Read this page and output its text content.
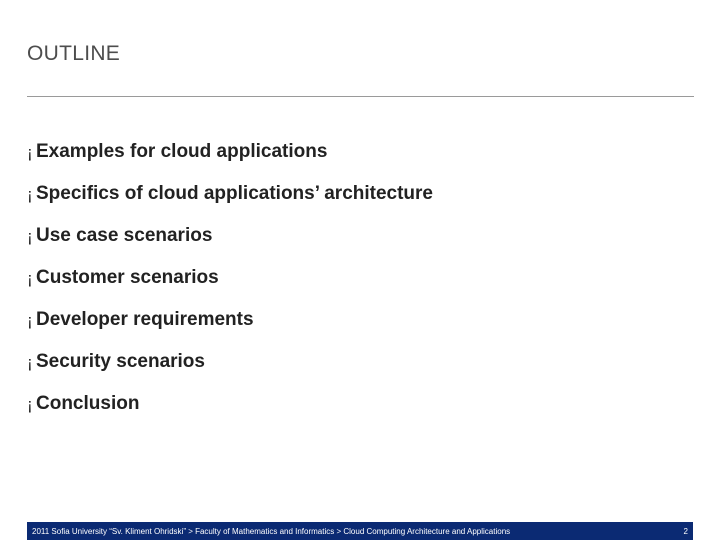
OUTLINE
¡ Examples for cloud applications
¡ Specifics of cloud applications’ architecture
¡ Use case scenarios
¡ Customer scenarios
¡ Developer requirements
¡ Security scenarios
¡ Conclusion
2011 Sofia University “Sv. Kliment Ohridski” > Faculty of Mathematics and Informatics > Cloud Computing Architecture and Applications	2
